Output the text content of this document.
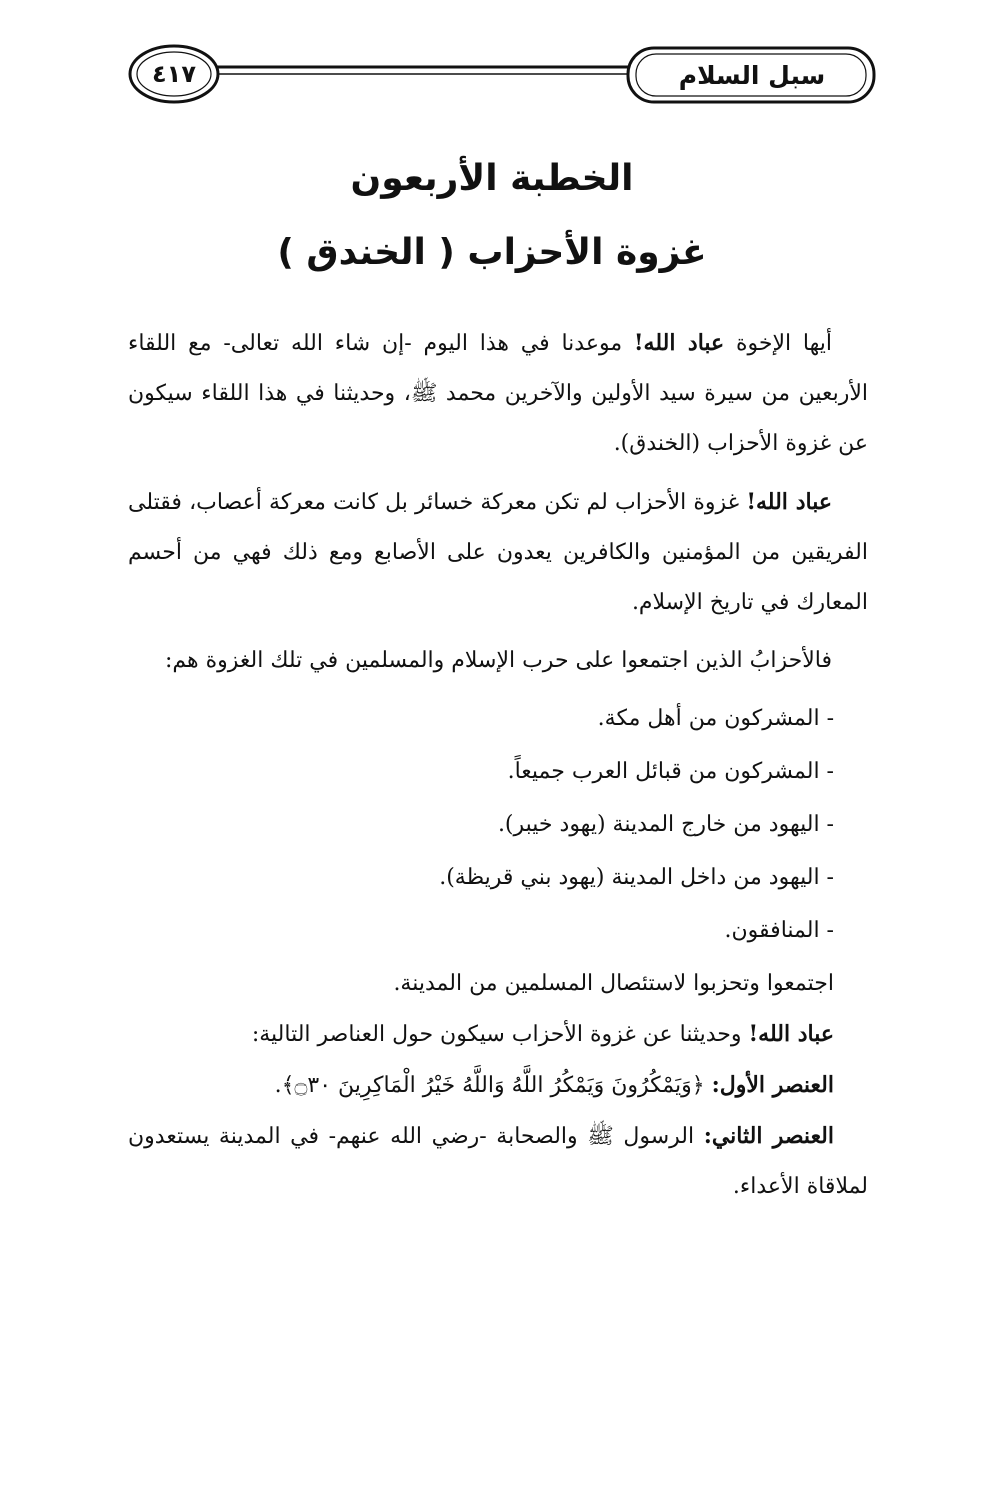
سبل السلام
٤١٧
الخطبة الأربعون
غزوة الأحزاب ( الخندق )

أيها الإخوة عباد الله! موعدنا في هذا اليوم -إن شاء الله تعالى- مع اللقاء الأربعين من سيرة سيد الأولين والآخرين محمد ﷺ، وحديثنا في هذا اللقاء سيكون عن غزوة الأحزاب (الخندق).

عباد الله! غزوة الأحزاب لم تكن معركة خسائر بل كانت معركة أعصاب، فقتلى الفريقين من المؤمنين والكافرين يعدون على الأصابع ومع ذلك فهي من أحسم المعارك في تاريخ الإسلام.

فالأحزابُ الذين اجتمعوا على حرب الإسلام والمسلمين في تلك الغزوة هم:

- المشركون من أهل مكة.
- المشركون من قبائل العرب جميعاً.
- اليهود من خارج المدينة (يهود خيبر).
- اليهود من داخل المدينة (يهود بني قريظة).
- المنافقون.

اجتمعوا وتحزبوا لاستئصال المسلمين من المدينة.

عباد الله! وحديثنا عن غزوة الأحزاب سيكون حول العناصر التالية:

العنصر الأول: ﴿وَيَمْكُرُونَ وَيَمْكُرُ اللَّهُ وَاللَّهُ خَيْرُ الْمَاكِرِينَ ۝٣٠﴾.

العنصر الثاني: الرسول ﷺ والصحابة -رضي الله عنهم- في المدينة يستعدون لملاقاة الأعداء.
